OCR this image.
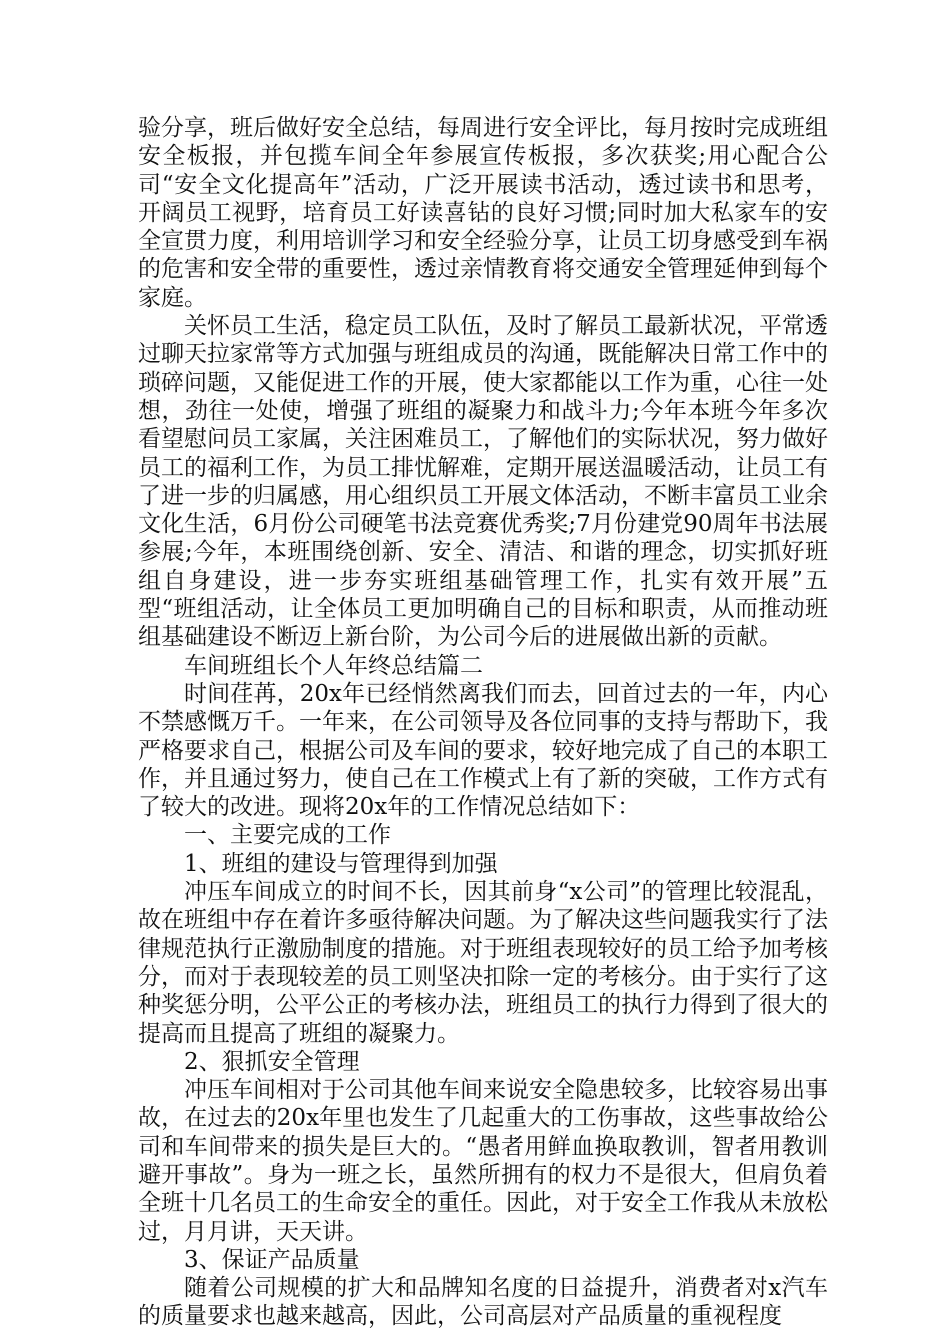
验分享，班后做好安全总结，每周进行安全评比，每月按时完成班组安全板报，并包揽车间全年参展宣传板报，多次获奖;用心配合公司“安全文化提高年”活动，广泛开展读书活动，透过读书和思考，开阔员工视野，培育员工好读喜钻的良好习惯;同时加大私家车的安全宣贯力度，利用培训学习和安全经验分享，让员工切身感受到车祸的危害和安全带的重要性，透过亲情教育将交通安全管理延伸到每个家庭。

关怀员工生活，稳定员工队伍，及时了解员工最新状况，平常透过聊天拉家常等方式加强与班组成员的沟通，既能解决日常工作中的琐碎问题，又能促进工作的开展，使大家都能以工作为重，心往一处想，劲往一处使，增强了班组的凝聚力和战斗力;今年本班今年多次看望慰问员工家属，关注困难员工，了解他们的实际状况，努力做好员工的福利工作，为员工排忧解难，定期开展送温暖活动，让员工有了进一步的归属感，用心组织员工开展文体活动，不断丰富员工业余文化生活，6月份公司硬笔书法竞赛优秀奖;7月份建党90周年书法展参展;今年，本班围绕创新、安全、清洁、和谐的理念，切实抓好班组自身建设，进一步夯实班组基础管理工作，扎实有效开展”五型“班组活动，让全体员工更加明确自己的目标和职责，从而推动班组基础建设不断迈上新台阶，为公司今后的进展做出新的贡献。

车间班组长个人年终总结篇二

时间荏苒，20x年已经悄然离我们而去，回首过去的一年，内心不禁感慨万千。一年来，在公司领导及各位同事的支持与帮助下，我严格要求自己，根据公司及车间的要求，较好地完成了自己的本职工作，并且通过努力，使自己在工作模式上有了新的突破，工作方式有了较大的改进。现将20x年的工作情况总结如下：

一、主要完成的工作

1、班组的建设与管理得到加强

冲压车间成立的时间不长，因其前身“x公司”的管理比较混乱，故在班组中存在着许多亟待解决问题。为了解决这些问题我实行了法律规范执行正激励制度的措施。对于班组表现较好的员工给予加考核分，而对于表现较差的员工则坚决扣除一定的考核分。由于实行了这种奖惩分明，公平公正的考核办法，班组员工的执行力得到了很大的提高而且提高了班组的凝聚力。

2、狠抓安全管理

冲压车间相对于公司其他车间来说安全隐患较多，比较容易出事故，在过去的20x年里也发生了几起重大的工伤事故，这些事故给公司和车间带来的损失是巨大的。“愚者用鲜血换取教训，智者用教训避开事故”。身为一班之长，虽然所拥有的权力不是很大，但肩负着全班十几名员工的生命安全的重任。因此，对于安全工作我从未放松过，月月讲，天天讲。

3、保证产品质量

随着公司规模的扩大和品牌知名度的日益提升，消费者对x汽车的质量要求也越来越高，因此，公司高层对产品质量的重视程度
